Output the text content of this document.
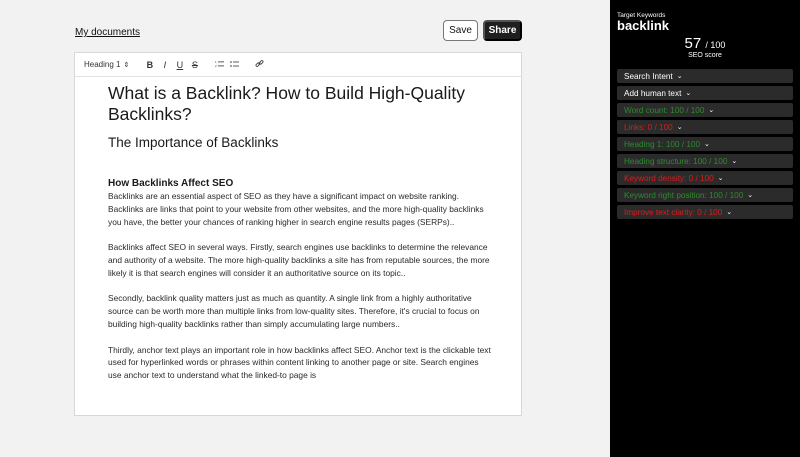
My documents	Save	Share
Heading 1 ⇕	B	I	U S	1
2
What is a Backlink? How to Build High-Quality Backlinks?
The Importance of Backlinks
How Backlinks Affect SEO

Backlinks are an essential aspect of SEO as they have a significant impact on website ranking. Backlinks are links that point to your website from other websites, and the more high-quality backlinks you have, the better your chances of ranking higher in search engine results pages (SERPs)..

Backlinks affect SEO in several ways. Firstly, search engines use backlinks to determine the relevance and authority of a website. The more high-quality backlinks a site has from reputable sources, the more likely it is that search engines will consider it an authoritative source on its topic..

Secondly, backlink quality matters just as much as quantity. A single link from a highly authoritative source can be worth more than multiple links from low-quality sites. Therefore, it's crucial to focus on building high-quality backlinks rather than simply accumulating large numbers..

Thirdly, anchor text plays an important role in how backlinks affect SEO. Anchor text is the clickable text used for hyperlinked words or phrases within content linking to another page or site. Search engines use anchor text to understand what the linked-to page is

Target Keywords
backlink
57 / 100
SEO score
Search Intent ⌄
Add human text ⌄
Word count: 100 / 100 ⌄
Links: 0 / 100 ⌄
Heading 1: 100 / 100 ⌄
Heading structure: 100 / 100 ⌄
Keyword density: 0 / 100 ⌄
Keyword right position: 100 / 100 ⌄
Improve text clarity: 0 / 100 ⌄
